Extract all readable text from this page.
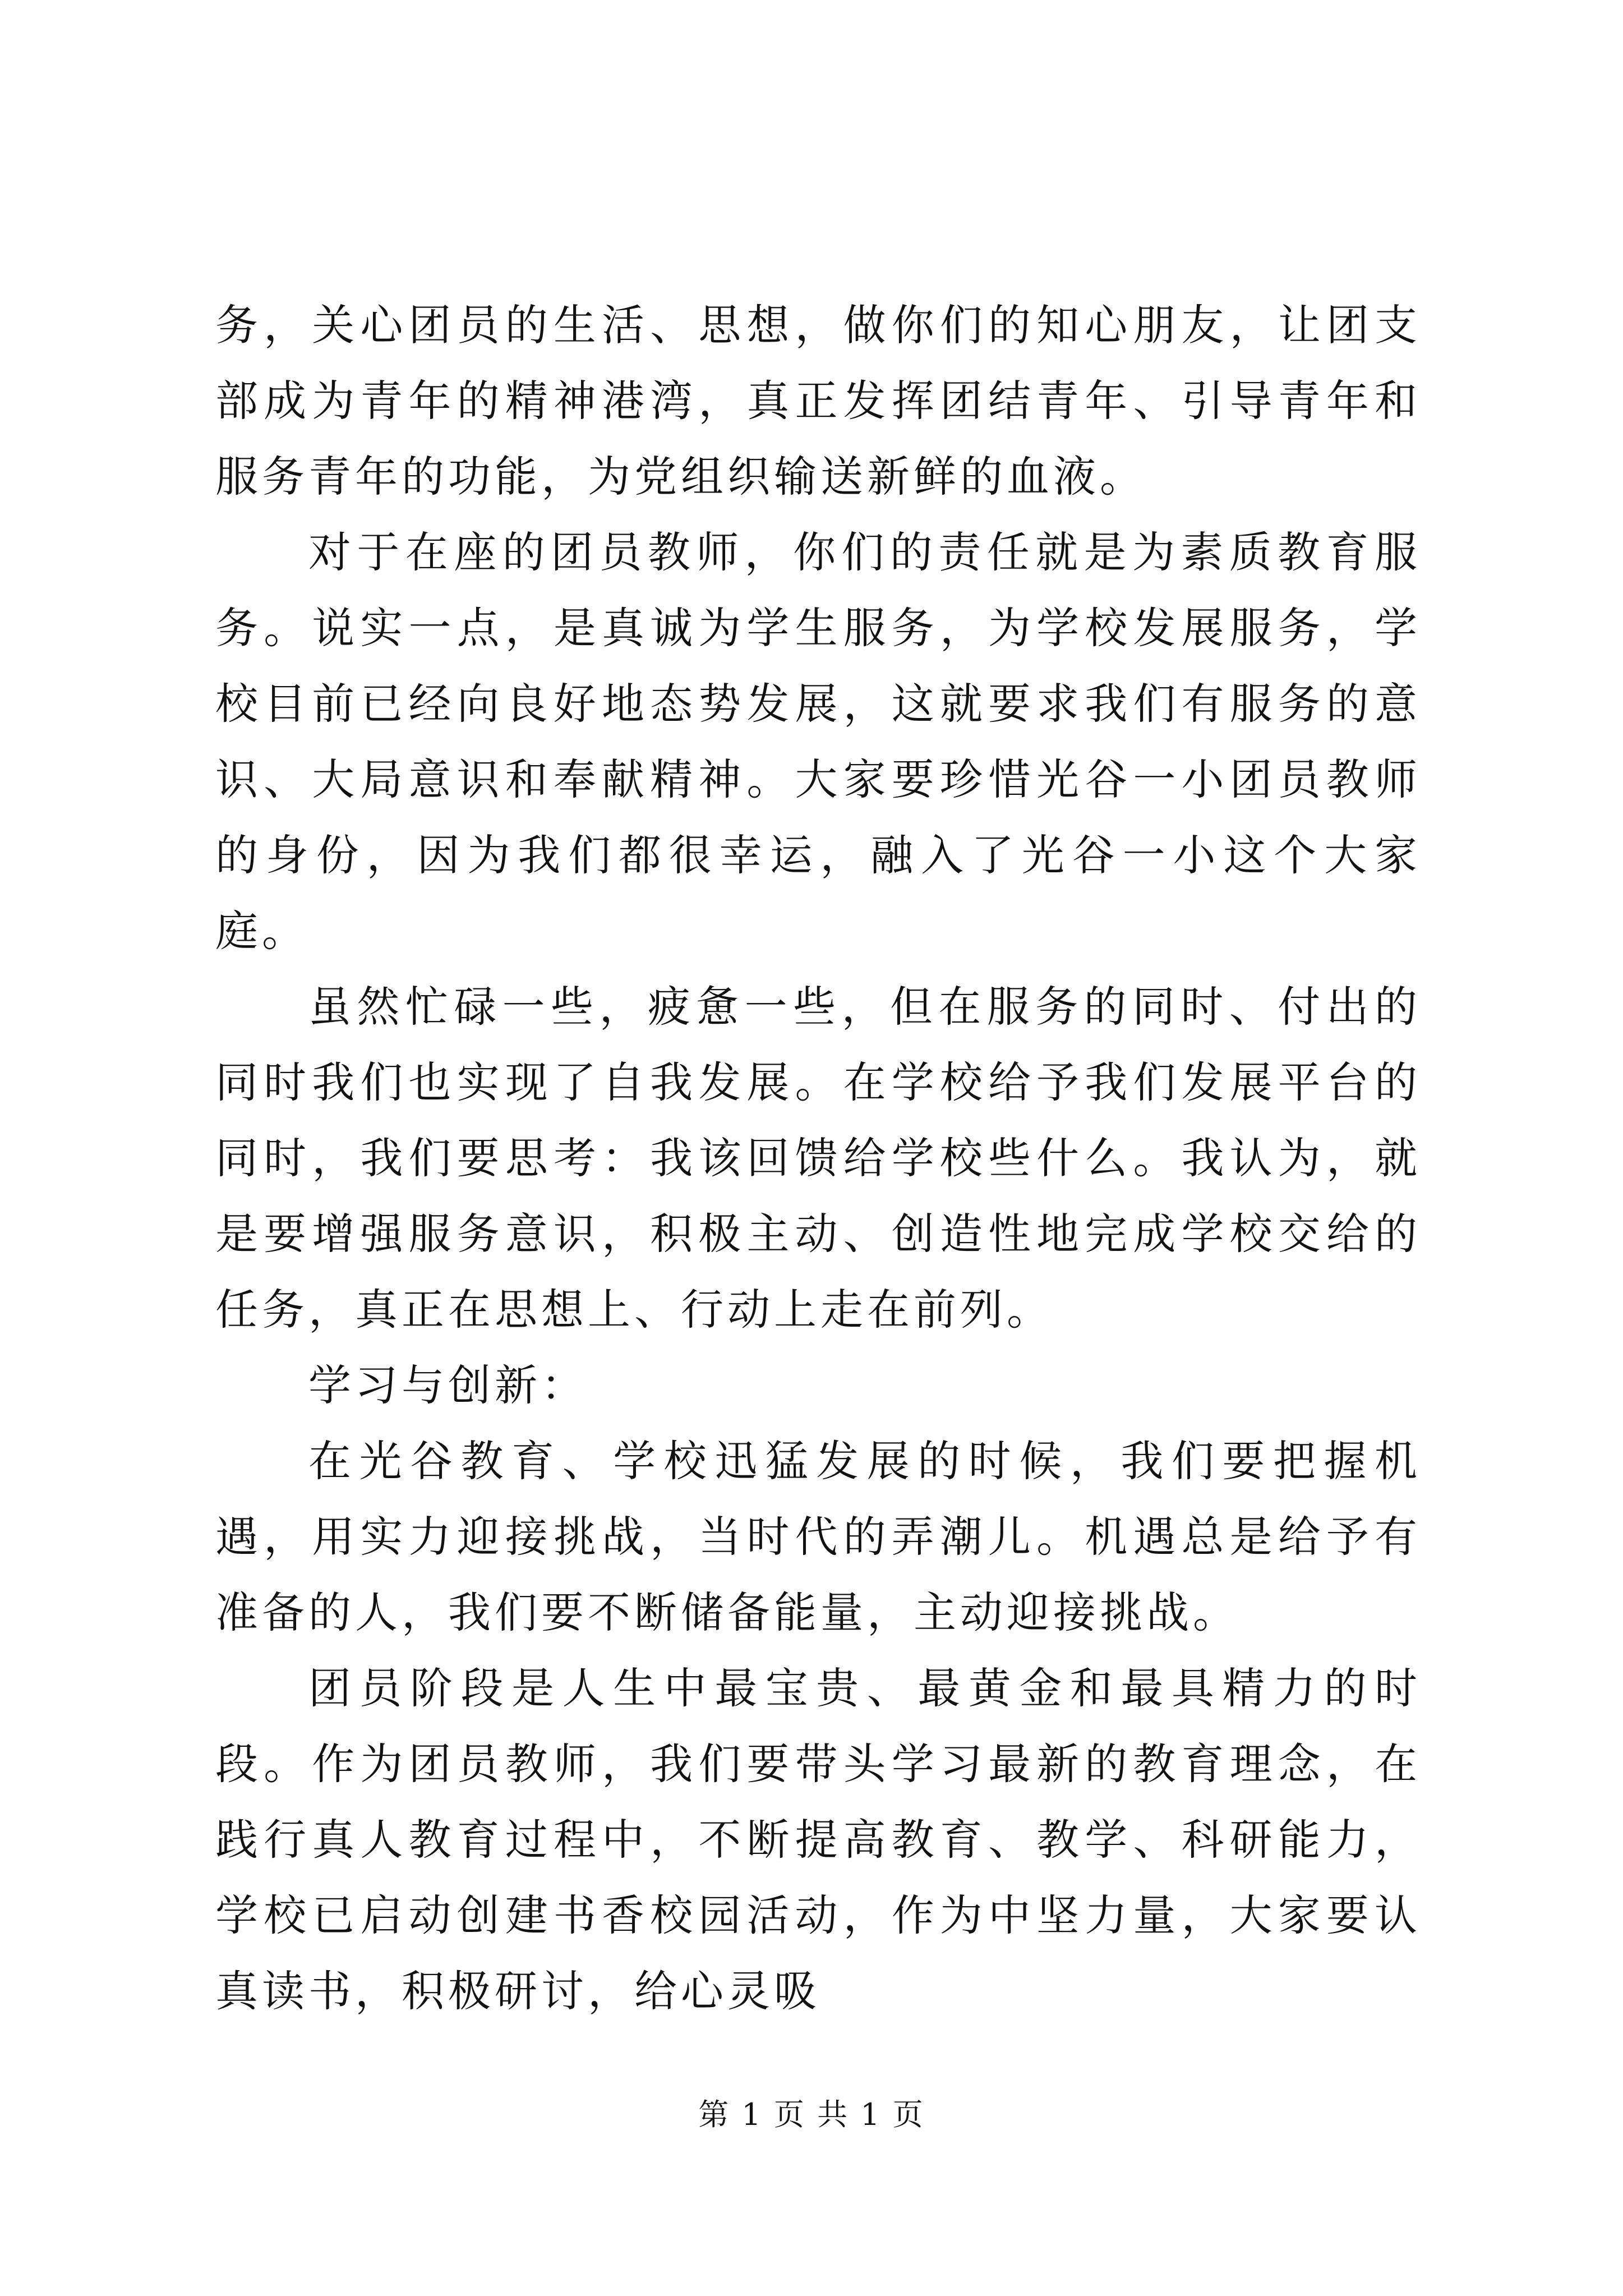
务，关心团员的生活、思想，做你们的知心朋友，让团支部成为青年的精神港湾，真正发挥团结青年、引导青年和服务青年的功能，为党组织输送新鲜的血液。

对于在座的团员教师，你们的责任就是为素质教育服务。说实一点，是真诚为学生服务，为学校发展服务，学校目前已经向良好地态势发展，这就要求我们有服务的意识、大局意识和奉献精神。大家要珍惜光谷一小团员教师的身份，因为我们都很幸运，融入了光谷一小这个大家庭。

虽然忙碌一些，疲惫一些，但在服务的同时、付出的同时我们也实现了自我发展。在学校给予我们发展平台的同时，我们要思考：我该回馈给学校些什么。我认为，就是要增强服务意识，积极主动、创造性地完成学校交给的任务，真正在思想上、行动上走在前列。

学习与创新：

在光谷教育、学校迅猛发展的时候，我们要把握机遇，用实力迎接挑战，当时代的弄潮儿。机遇总是给予有准备的人，我们要不断储备能量，主动迎接挑战。

团员阶段是人生中最宝贵、最黄金和最具精力的时段。作为团员教师，我们要带头学习最新的教育理念，在践行真人教育过程中，不断提高教育、教学、科研能力，学校已启动创建书香校园活动，作为中坚力量，大家要认真读书，积极研讨，给心灵吸

第 1 页 共 1 页
